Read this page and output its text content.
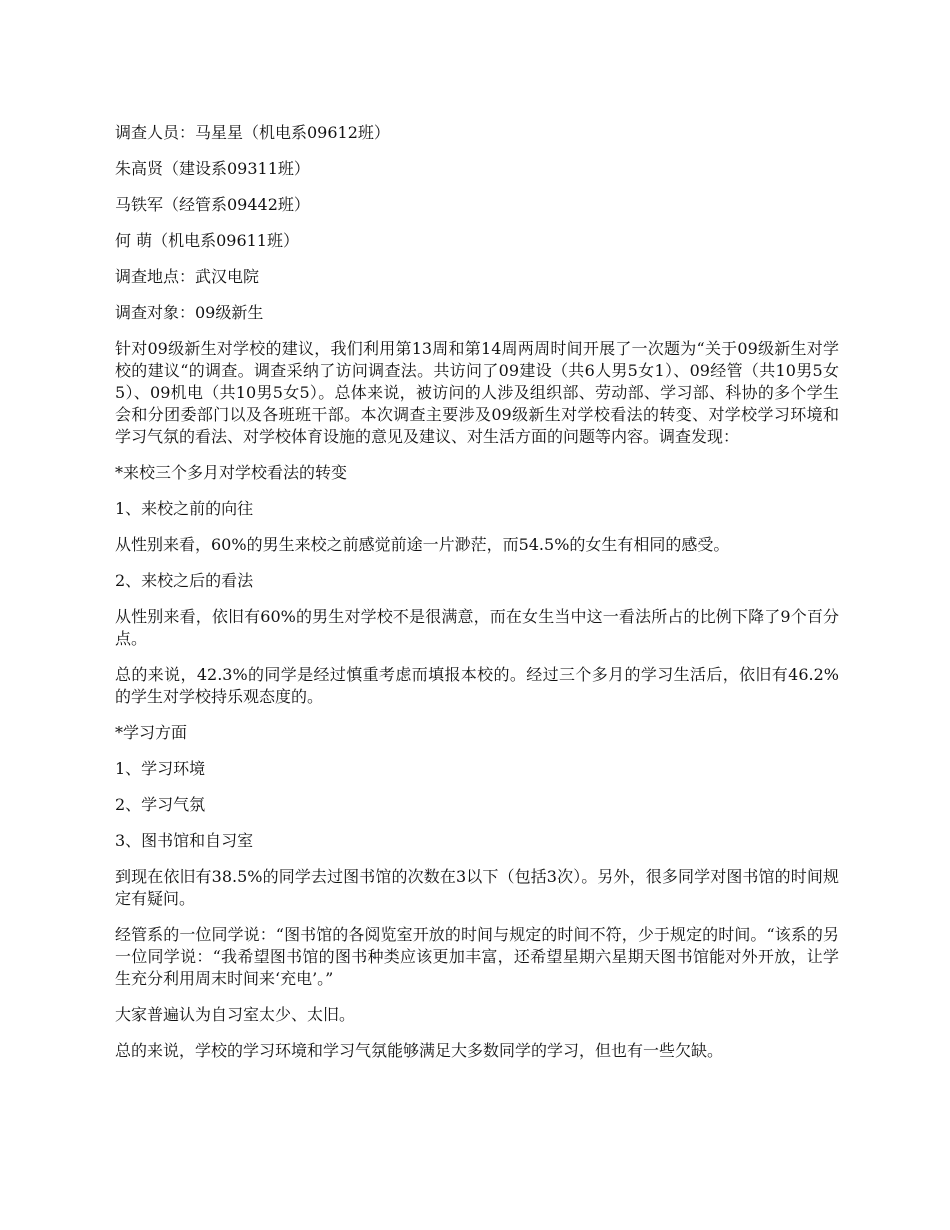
调查人员：马星星（机电系09612班）

朱高贤（建设系09311班）

马铁军（经管系09442班）

何 萌（机电系09611班）

调查地点：武汉电院

调查对象：09级新生

针对09级新生对学校的建议，我们利用第13周和第14周两周时间开展了一次题为“关于09级新生对学校的建议“的调查。调查采纳了访问调查法。共访问了09建设（共6人男5女1）、09经管（共10男5女5）、09机电（共10男5女5）。总体来说，被访问的人涉及组织部、劳动部、学习部、科协的多个学生会和分团委部门以及各班班干部。本次调查主要涉及09级新生对学校看法的转变、对学校学习环境和学习气氛的看法、对学校体育设施的意见及建议、对生活方面的问题等内容。调查发现：

*来校三个多月对学校看法的转变

1、来校之前的向往

从性别来看，60%的男生来校之前感觉前途一片渺茫，而54.5%的女生有相同的感受。

2、来校之后的看法

从性别来看，依旧有60%的男生对学校不是很满意，而在女生当中这一看法所占的比例下降了9个百分点。

总的来说，42.3%的同学是经过慎重考虑而填报本校的。经过三个多月的学习生活后，依旧有46.2%的学生对学校持乐观态度的。

*学习方面

1、学习环境

2、学习气氛

3、图书馆和自习室

到现在依旧有38.5%的同学去过图书馆的次数在3以下（包括3次）。另外，很多同学对图书馆的时间规定有疑问。

经管系的一位同学说：“图书馆的各阅览室开放的时间与规定的时间不符，少于规定的时间。“该系的另一位同学说：“我希望图书馆的图书种类应该更加丰富，还希望星期六星期天图书馆能对外开放，让学生充分利用周末时间来‘充电’。”

大家普遍认为自习室太少、太旧。

总的来说，学校的学习环境和学习气氛能够满足大多数同学的学习，但也有一些欠缺。
